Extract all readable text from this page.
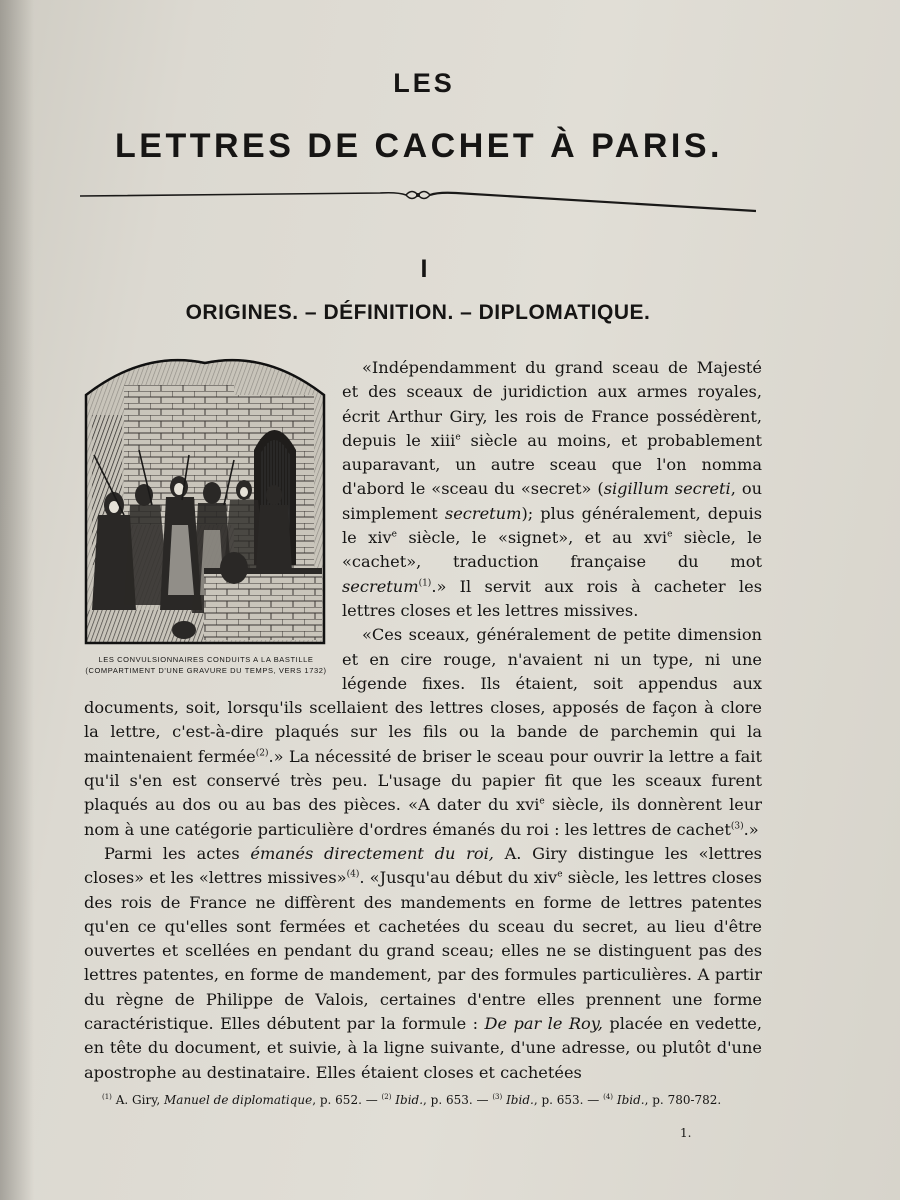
LES
LETTRES DE CACHET À PARIS.
I
ORIGINES. – DÉFINITION. – DIPLOMATIQUE.
LES CONVULSIONNAIRES CONDUITS A LA BASTILLE
(COMPARTIMENT D'UNE GRAVURE DU TEMPS, VERS 1732)

«Indépendamment du grand sceau de Majesté et des sceaux de juridiction aux armes royales, écrit Arthur Giry, les rois de France possédèrent, depuis le xiii$^e$ siècle au moins, et probablement auparavant, un autre sceau que l'on nomma d'abord le «sceau du «secret» (sigillum secreti, ou simplement secretum); plus généralement, depuis le xiv$^e$ siècle, le «signet», et au xvi$^e$ siècle, le «cachet», traduction française du mot secretum$^{(1)}$.» Il servit aux rois à cacheter les lettres closes et les lettres missives.

«Ces sceaux, généralement de petite dimension et en cire rouge, n'avaient ni un type, ni une légende fixes. Ils étaient, soit appendus aux documents, soit, lorsqu'ils scellaient des lettres closes, apposés de façon à clore la lettre, c'est-à-dire plaqués sur les fils ou la bande de parchemin qui la maintenaient fermée$^{(2)}$.» La nécessité de briser le sceau pour ouvrir la lettre a fait qu'il s'en est conservé très peu. L'usage du papier fit que les sceaux furent plaqués au dos ou au bas des pièces. «A dater du xvi$^e$ siècle, ils donnèrent leur nom à une catégorie particulière d'ordres émanés du roi : les lettres de cachet$^{(3)}$.»

Parmi les actes émanés directement du roi, A. Giry distingue les «lettres closes» et les «lettres missives»$^{(4)}$. «Jusqu'au début du xiv$^e$ siècle, les lettres closes des rois de France ne diffèrent des mandements en forme de lettres patentes qu'en ce qu'elles sont fermées et cachetées du sceau du secret, au lieu d'être ouvertes et scellées en pendant du grand sceau; elles ne se distinguent pas des lettres patentes, en forme de mandement, par des formules particulières. A partir du règne de Philippe de Valois, certaines d'entre elles prennent une forme caractéristique. Elles débutent par la formule : De par le Roy, placée en vedette, en tête du document, et suivie, à la ligne suivante, d'une adresse, ou plutôt d'une apostrophe au destinataire. Elles étaient closes et cachetées

$^{(1)}$ A. Giry, Manuel de diplomatique, p. 652. — $^{(2)}$ Ibid., p. 653. — $^{(3)}$ Ibid., p. 653. — $^{(4)}$ Ibid., p. 780-782.
1.
